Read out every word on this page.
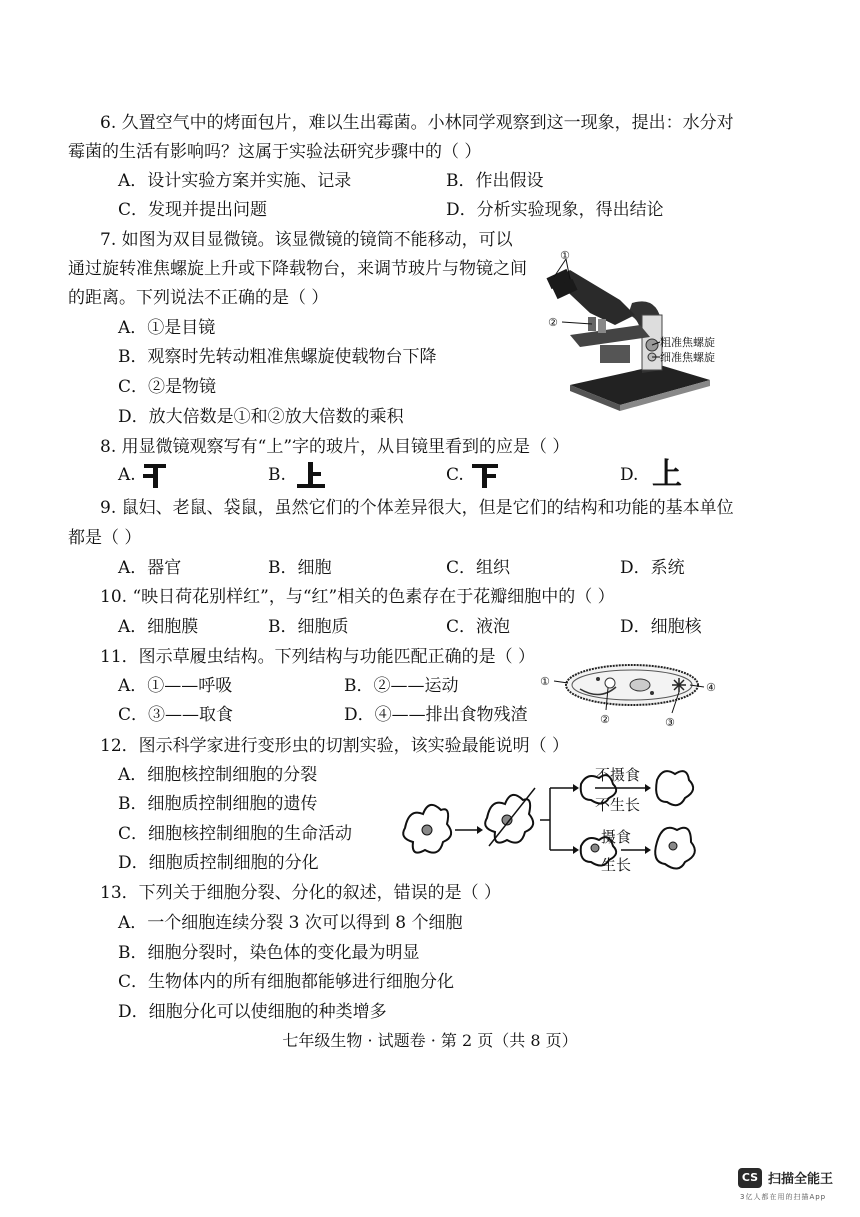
6. 久置空气中的烤面包片，难以生出霉菌。小林同学观察到这一现象，提出：水分对
霉菌的生活有影响吗？这属于实验法研究步骤中的（ ）
A．设计实验方案并实施、记录	B．作出假设
C．发现并提出问题	D．分析实验现象，得出结论
7. 如图为双目显微镜。该显微镜的镜筒不能移动，可以
通过旋转准焦螺旋上升或下降载物台，来调节玻片与物镜之间
的距离。下列说法不正确的是（ ）
A．①是目镜
B．观察时先转动粗准焦螺旋使载物台下降
C．②是物镜
D．放大倍数是①和②放大倍数的乘积
①
②
粗准焦螺旋
细准焦螺旋
8. 用显微镜观察写有“上”字的玻片，从目镜里看到的应是（ ）
A.	B.	C.	D. 上
9. 鼠妇、老鼠、袋鼠，虽然它们的个体差异很大，但是它们的结构和功能的基本单位
都是（ ）
A．器官	B．细胞	C．组织	D．系统
10. “映日荷花别样红”，与“红”相关的色素存在于花瓣细胞中的（ ）
A．细胞膜	B．细胞质	C．液泡	D．细胞核
11．图示草履虫结构。下列结构与功能匹配正确的是（ ）
A．①——呼吸	B．②——运动
C．③——取食	D．④——排出食物残渣
①
②	③
④
12．图示科学家进行变形虫的切割实验，该实验最能说明（ ）
A．细胞核控制细胞的分裂
B．细胞质控制细胞的遗传
C．细胞核控制细胞的生命活动
D．细胞质控制细胞的分化
不摄食
不生长
摄食
生长
13．下列关于细胞分裂、分化的叙述，错误的是（ ）
A．一个细胞连续分裂 3 次可以得到 8 个细胞
B．细胞分裂时，染色体的变化最为明显
C．生物体内的所有细胞都能够进行细胞分化
D．细胞分化可以使细胞的种类增多
七年级生物 · 试题卷 · 第 2 页（共 8 页）
CS 扫描全能王
3亿人都在用的扫描App
